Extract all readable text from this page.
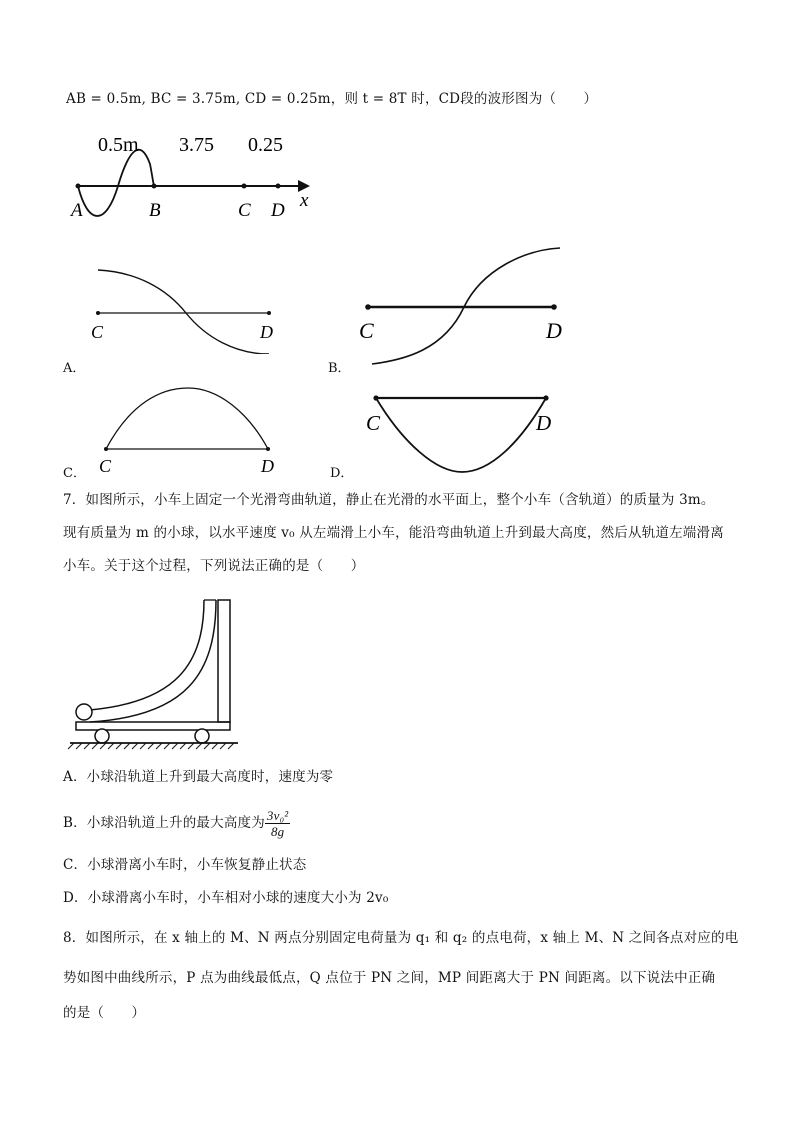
AB = 0.5m, BC = 3.75m, CD = 0.25m，则 t = 8T 时，CD段的波形图为（　　）
0.5m 3.75 0.25
A	B	C D x
C	D
A．
C	D
B．
C	D
C．
C	D
D．
7．如图所示，小车上固定一个光滑弯曲轨道，静止在光滑的水平面上，整个小车（含轨道）的质量为 3m。
现有质量为 m 的小球，以水平速度 v₀ 从左端滑上小车，能沿弯曲轨道上升到最大高度，然后从轨道左端滑离
小车。关于这个过程，下列说法正确的是（　　）
A．小球沿轨道上升到最大高度时，速度为零
B．小球沿轨道上升的最大高度为 $\frac{\text{3v₀²}}{8g}$
C．小球滑离小车时，小车恢复静止状态
D．小球滑离小车时，小车相对小球的速度大小为 2v₀
8．如图所示，在 x 轴上的 M、N 两点分别固定电荷量为 q₁ 和 q₂ 的点电荷，x 轴上 M、N 之间各点对应的电
势如图中曲线所示，P 点为曲线最低点，Q 点位于 PN 之间，MP 间距离大于 PN 间距离。以下说法中正确
的是（　　）
